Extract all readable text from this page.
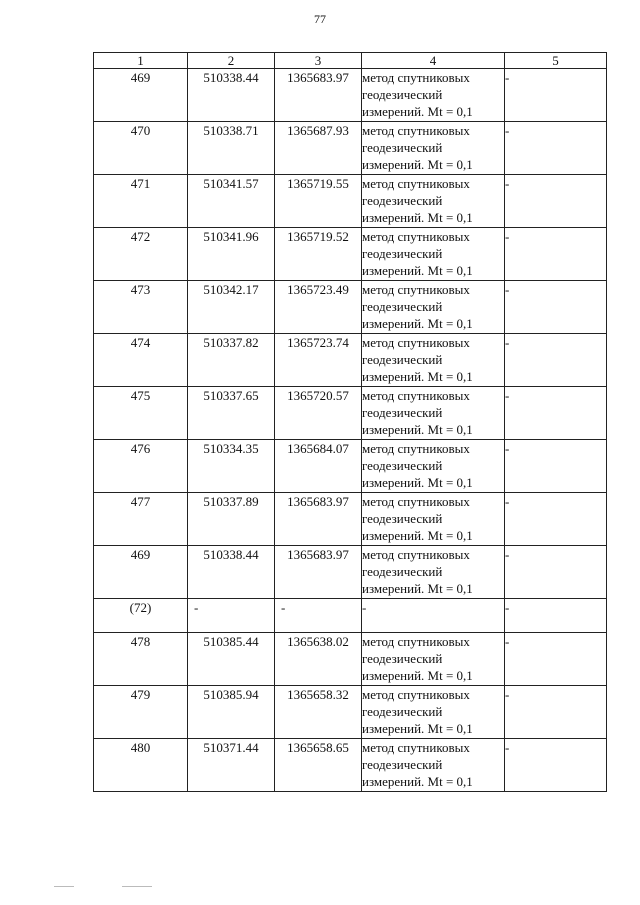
77
1	2	3	4	5
469	510338.44	1365683.97	метод спутниковых
геодезический
измерений. Mt = 0,1	-
470	510338.71	1365687.93	метод спутниковых
геодезический
измерений. Mt = 0,1	-
471	510341.57	1365719.55	метод спутниковых
геодезический
измерений. Mt = 0,1	-
472	510341.96	1365719.52	метод спутниковых
геодезический
измерений. Mt = 0,1	-
473	510342.17	1365723.49	метод спутниковых
геодезический
измерений. Mt = 0,1	-
474	510337.82	1365723.74	метод спутниковых
геодезический
измерений. Mt = 0,1	-
475	510337.65	1365720.57	метод спутниковых
геодезический
измерений. Mt = 0,1	-
476	510334.35	1365684.07	метод спутниковых
геодезический
измерений. Mt = 0,1	-
477	510337.89	1365683.97	метод спутниковых
геодезический
измерений. Mt = 0,1	-
469	510338.44	1365683.97	метод спутниковых
геодезический
измерений. Mt = 0,1	-
(72)	-	-	-	-
478	510385.44	1365638.02	метод спутниковых
геодезический
измерений. Mt = 0,1	-
479	510385.94	1365658.32	метод спутниковых
геодезический
измерений. Mt = 0,1	-
480	510371.44	1365658.65	метод спутниковых
геодезический
измерений. Mt = 0,1	-
